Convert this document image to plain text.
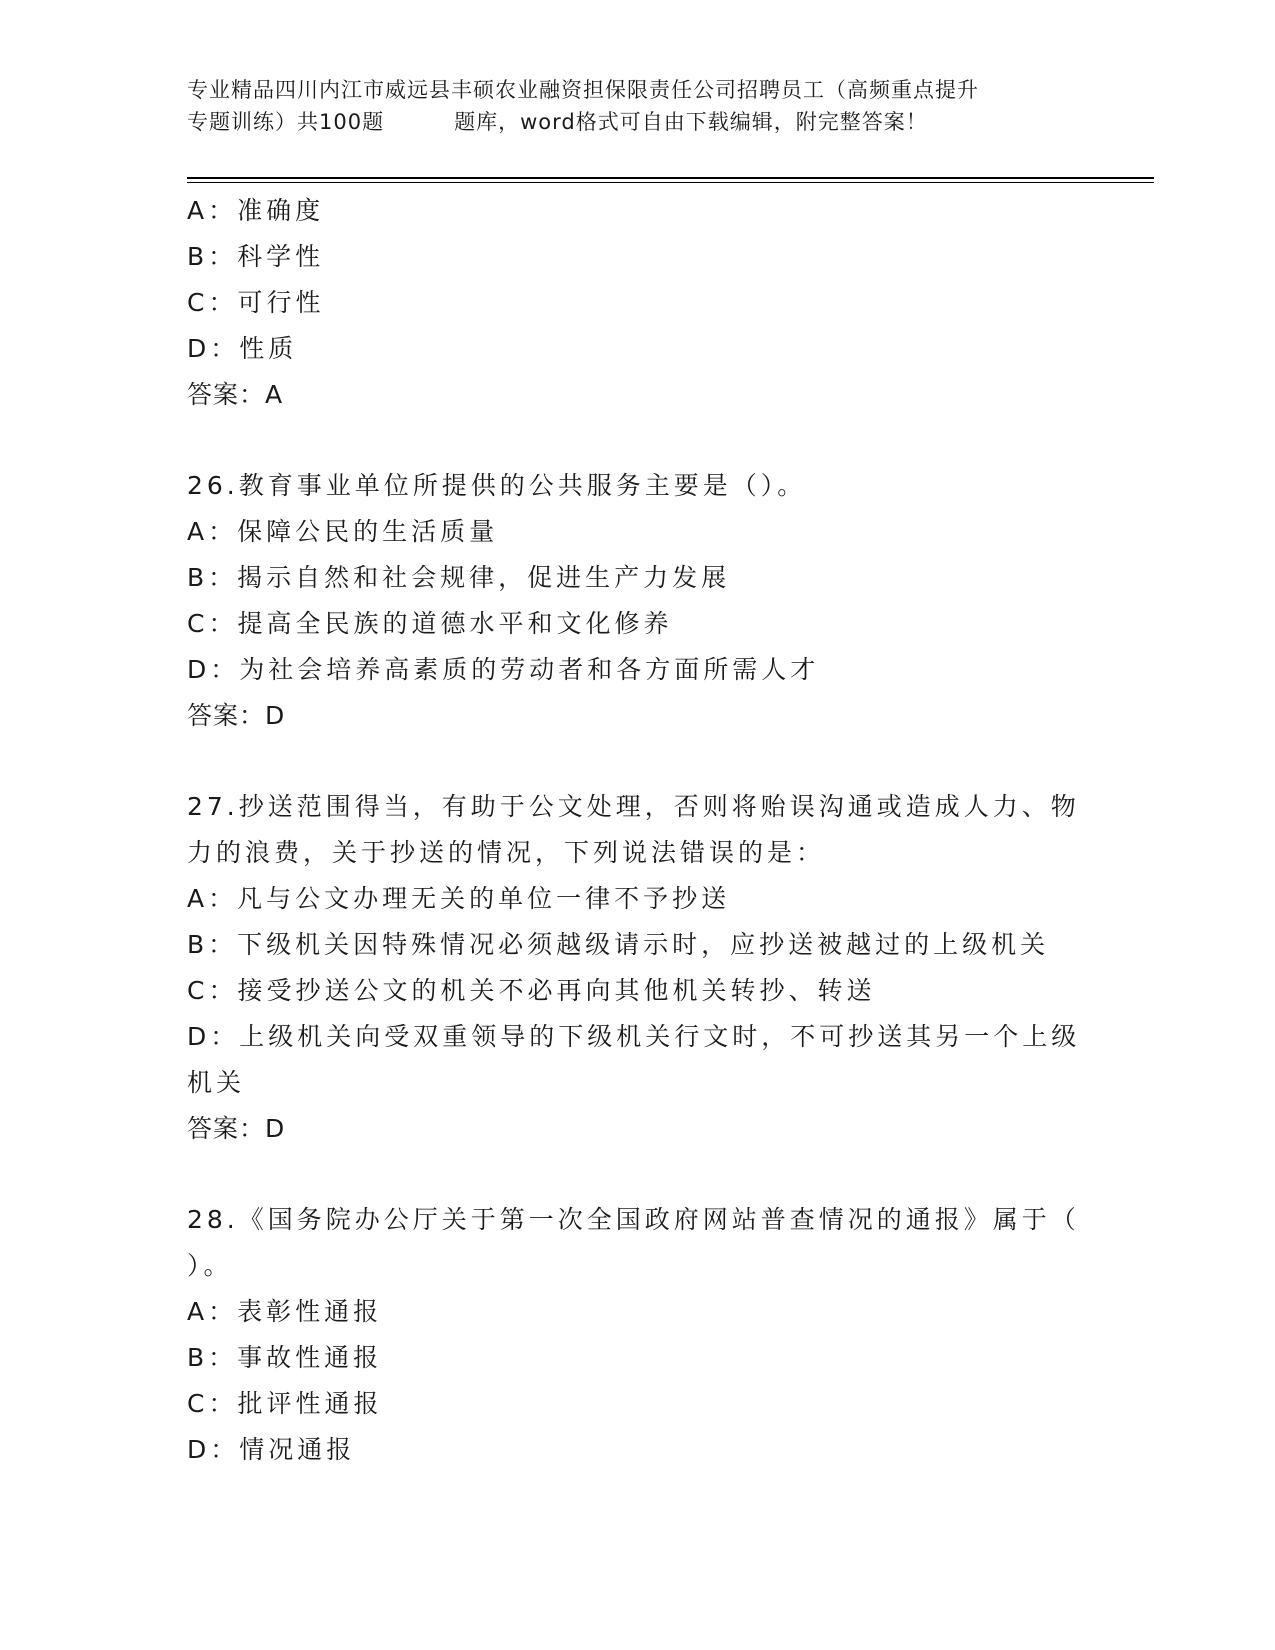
专业精品四川内江市威远县丰硕农业融资担保限责任公司招聘员工（高频重点提升
专题训练）共100题	题库，word格式可自由下载编辑，附完整答案！
A：准确度
B：科学性
C：可行性
D：性质
答案：A
26.教育事业单位所提供的公共服务主要是（）。
A：保障公民的生活质量
B：揭示自然和社会规律，促进生产力发展
C：提高全民族的道德水平和文化修养
D：为社会培养高素质的劳动者和各方面所需人才
答案：D
27.抄送范围得当，有助于公文处理，否则将贻误沟通或造成人力、物
力的浪费，关于抄送的情况，下列说法错误的是：
A：凡与公文办理无关的单位一律不予抄送
B：下级机关因特殊情况必须越级请示时，应抄送被越过的上级机关
C：接受抄送公文的机关不必再向其他机关转抄、转送
D：上级机关向受双重领导的下级机关行文时，不可抄送其另一个上级
机关
答案：D
28.《国务院办公厅关于第一次全国政府网站普查情况的通报》属于（
）。
A：表彰性通报
B：事故性通报
C：批评性通报
D：情况通报
